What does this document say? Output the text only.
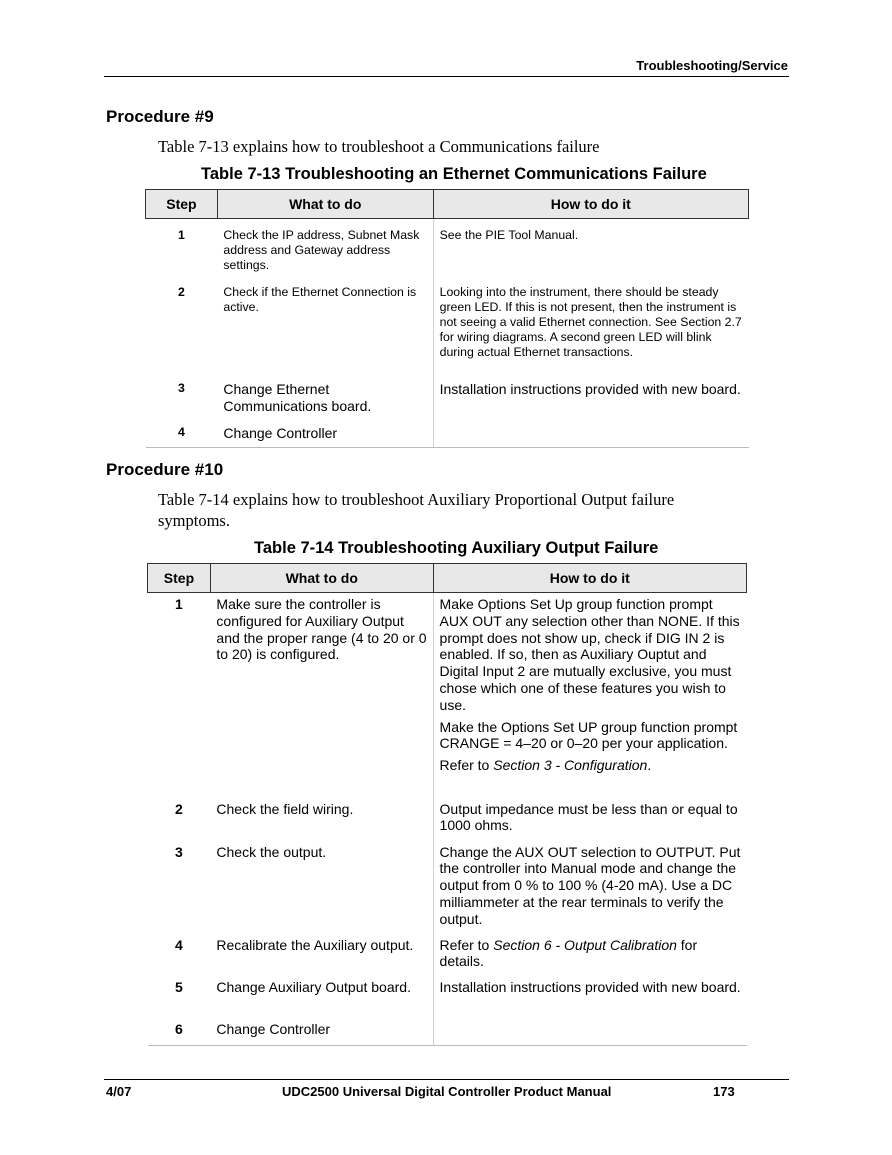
Troubleshooting/Service
Procedure #9
Table 7-13 explains how to troubleshoot a Communications failure
Table 7-13 Troubleshooting an Ethernet Communications Failure
Step	What to do	How to do it
1	Check the IP address, Subnet Mask address and Gateway address settings.	See the PIE Tool Manual.
2	Check if the Ethernet Connection is active.	Looking into the instrument, there should be steady green LED. If this is not present, then the instrument is not seeing a valid Ethernet connection. See Section 2.7 for wiring diagrams. A second green LED will blink during actual Ethernet transactions.
3	Change Ethernet Communications board.	Installation instructions provided with new board.
4	Change Controller	
Procedure #10
Table 7-14 explains how to troubleshoot Auxiliary Proportional Output failure symptoms.
Table 7-14 Troubleshooting Auxiliary Output Failure
Step	What to do	How to do it
1	Make sure the controller is configured for Auxiliary Output and the proper range (4 to 20 or 0 to 20) is configured.	Make Options Set Up group function prompt AUX OUT any selection other than NONE. If this prompt does not show up, check if DIG IN 2 is enabled. If so, then as Auxiliary Ouptut and Digital Input 2 are mutually exclusive, you must chose which one of these features you wish to use.

Make the Options Set UP group function prompt CRANGE = 4–20 or 0–20 per your application.

Refer to Section 3 - Configuration.

2	Check the field wiring.	Output impedance must be less than or equal to 1000 ohms.
3	Check the output.	Change the AUX OUT selection to OUTPUT. Put the controller into Manual mode and change the output from 0 % to 100 % (4-20 mA). Use a DC milliammeter at the rear terminals to verify the output.
4	Recalibrate the Auxiliary output.	Refer to Section 6 - Output Calibration for details.
5	Change Auxiliary Output board.	Installation instructions provided with new board.
6	Change Controller	
4/07	UDC2500 Universal Digital Controller Product Manual	173
